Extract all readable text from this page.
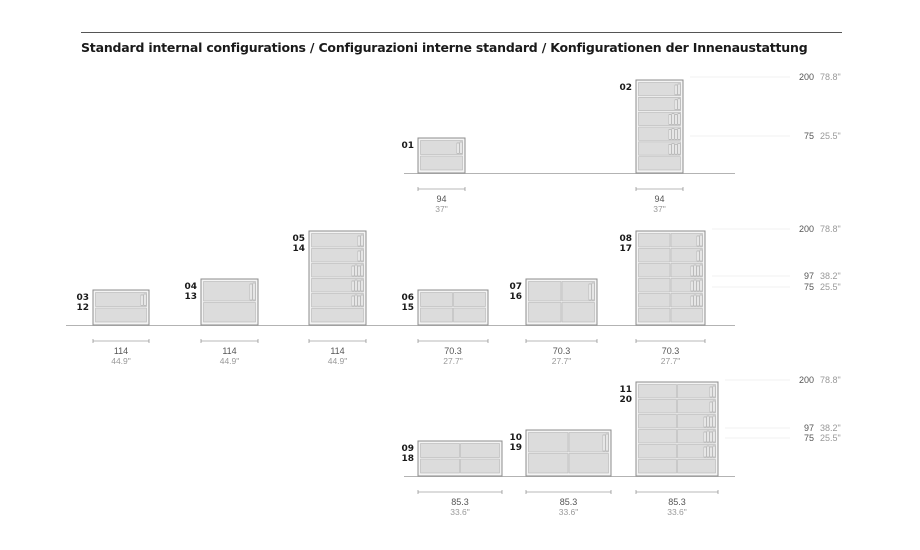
Standard internal configurations / Configurazioni interne standard / Konfigurationen der Innenaustattung
200 78.8"
75 25.5"
200 78.8"
97 38.2"
75 25.5"
200 78.8"
97 38.2"
75 25.5"
01
94
37"
02
94
37"
03
12
114
44.9"
04
13
114
44.9"
05
14
114
44.9"
06
15
70.3
27.7"
07
16
70.3
27.7"
08
17
70.3
27.7"
09
18
85.3
33.6"
10
19
85.3
33.6"
11
20
85.3
33.6"
